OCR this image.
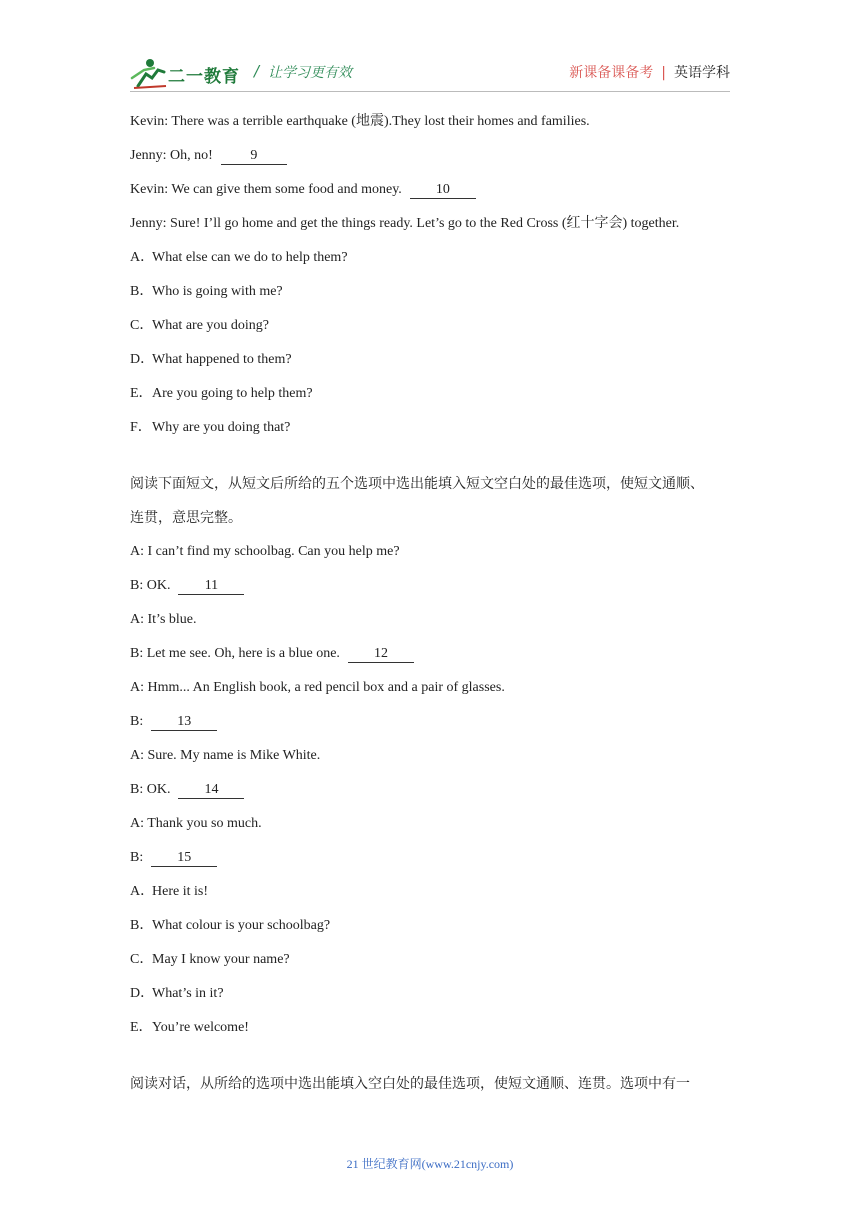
二一教育 / 让学习更有效	新课备课备考 | 英语学科
Kevin: There was a terrible earthquake (地震).They lost their homes and families.
Jenny: Oh, no!	9
Kevin: We can give them some food and money. 10
Jenny: Sure! I’ll go home and get the things ready. Let’s go to the Red Cross (红十字会) together.
A．What else can we do to help them?
B．Who is going with me?
C．What are you doing?
D．What happened to them?
E．Are you going to help them?
F．Why are you doing that?
阅读下面短文，从短文后所给的五个选项中选出能填入短文空白处的最佳选项，使短文通顺、
连贯，意思完整。
A: I can’t find my schoolbag. Can you help me?
B: OK. 11
A: It’s blue.
B: Let me see. Oh, here is a blue one. 12
A: Hmm... An English book, a red pencil box and a pair of glasses.
B: 13
A: Sure. My name is Mike White.
B: OK. 14
A: Thank you so much.
B: 15
A．Here it is!
B．What colour is your schoolbag?
C．May I know your name?
D．What’s in it?
E．You’re welcome!
阅读对话，从所给的选项中选出能填入空白处的最佳选项，使短文通顺、连贯。选项中有一
21 世纪教育网(www.21cnjy.com)
